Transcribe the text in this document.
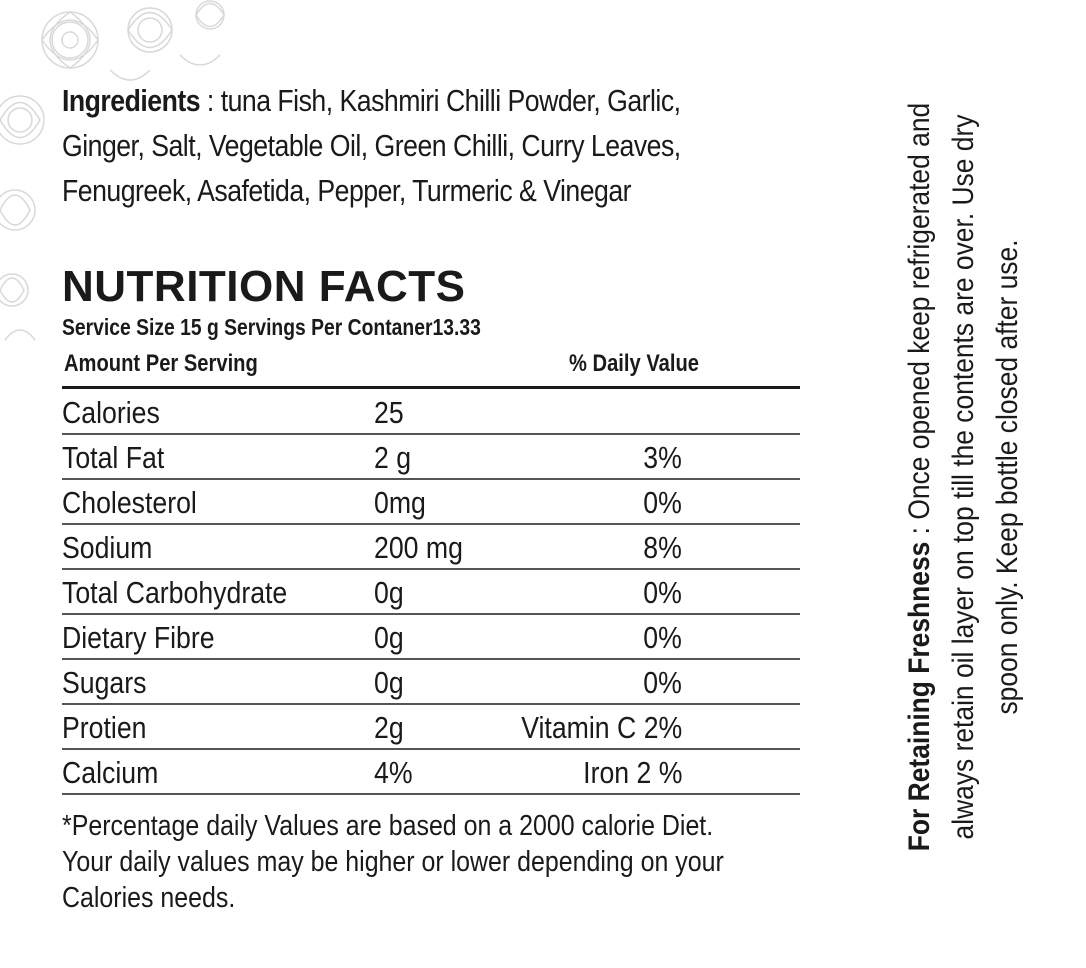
Ingredients : tuna Fish, Kashmiri Chilli Powder, Garlic, Ginger, Salt, Vegetable Oil, Green Chilli, Curry Leaves, Fenugreek, Asafetida, Pepper, Turmeric & Vinegar
NUTRITION FACTS
Service Size 15 g Servings Per Contaner13.33
Amount Per Serving	% Daily Value
Calories	25
Total Fat	2 g	3%
Cholesterol	0mg	0%
Sodium	200 mg	8%
Total Carbohydrate	0g	0%
Dietary Fibre	0g	0%
Sugars	0g	0%
Protien	2g	Vitamin C 2%
Calcium	4%	Iron 2 %
*Percentage daily Values are based on a 2000 calorie Diet. Your daily values may be higher or lower depending on your Calories needs.
For Retaining Freshness : Once opened keep refrigerated and always retain oil layer on top till the contents are over. Use dry spoon only. Keep bottle closed after use.
